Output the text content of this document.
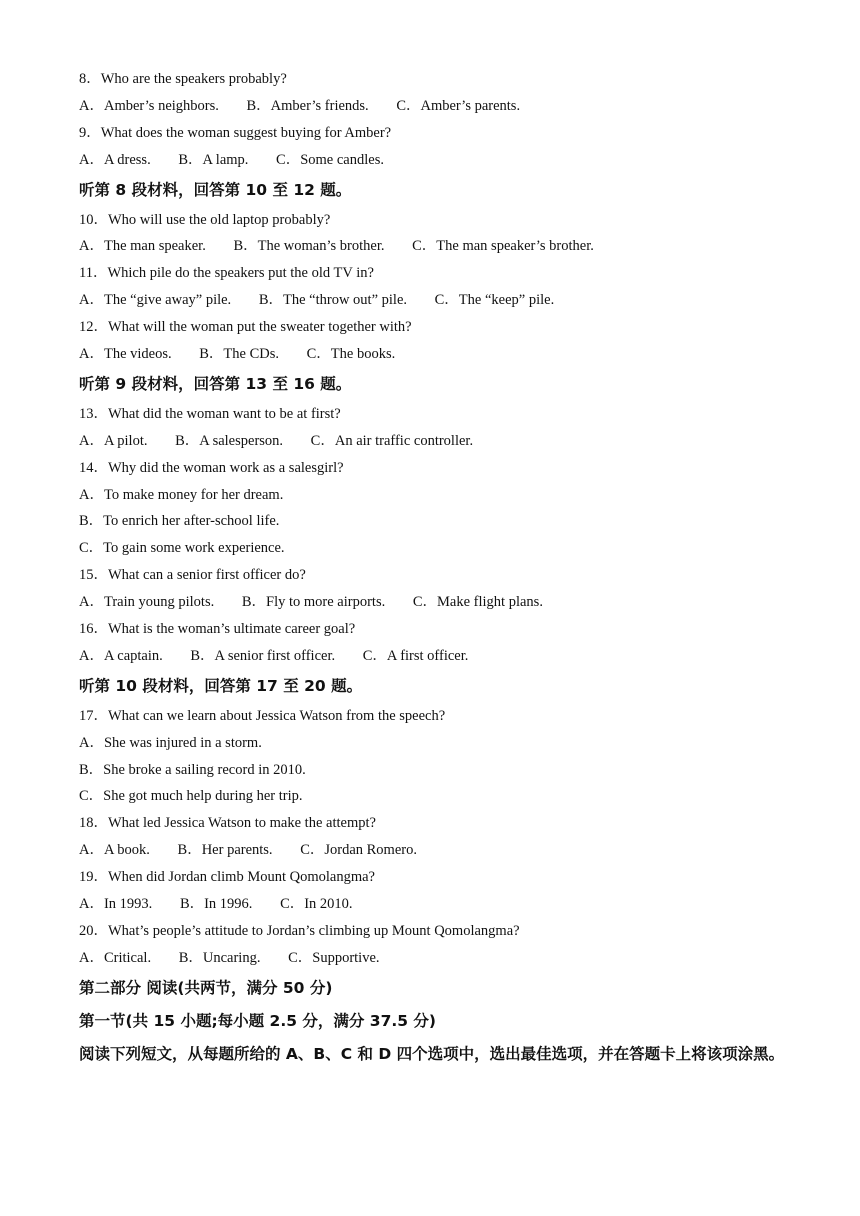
8．Who are the speakers probably?
A．Amber’s neighbors. B．Amber’s friends. C．Amber’s parents.
9．What does the woman suggest buying for Amber?
A．A dress. B．A lamp. C．Some candles.
听第 8 段材料，回答第 10 至 12 题。
10．Who will use the old laptop probably?
A．The man speaker. B．The woman’s brother. C．The man speaker’s brother.
11．Which pile do the speakers put the old TV in?
A．The “give away” pile. B．The “throw out” pile. C．The “keep” pile.
12．What will the woman put the sweater together with?
A．The videos. B．The CDs. C．The books.
听第 9 段材料，回答第 13 至 16 题。
13．What did the woman want to be at first?
A．A pilot. B．A salesperson. C．An air traffic controller.
14．Why did the woman work as a salesgirl?
A．To make money for her dream.
B．To enrich her after-school life.
C．To gain some work experience.
15．What can a senior first officer do?
A．Train young pilots. B．Fly to more airports. C．Make flight plans.
16．What is the woman’s ultimate career goal?
A．A captain. B．A senior first officer. C．A first officer.
听第 10 段材料，回答第 17 至 20 题。
17．What can we learn about Jessica Watson from the speech?
A．She was injured in a storm.
B．She broke a sailing record in 2010.
C．She got much help during her trip.
18．What led Jessica Watson to make the attempt?
A．A book. B．Her parents. C．Jordan Romero.
19．When did Jordan climb Mount Qomolangma?
A．In 1993. B．In 1996. C．In 2010.
20．What’s people’s attitude to Jordan’s climbing up Mount Qomolangma?
A．Critical. B．Uncaring. C．Supportive.
第二部分 阅读(共两节，满分 50 分)
第一节(共 15 小题;每小题 2.5 分，满分 37.5 分)
阅读下列短文，从每题所给的 A、B、C 和 D 四个选项中，选出最佳选项，并在答题卡上将该项涂黑。
